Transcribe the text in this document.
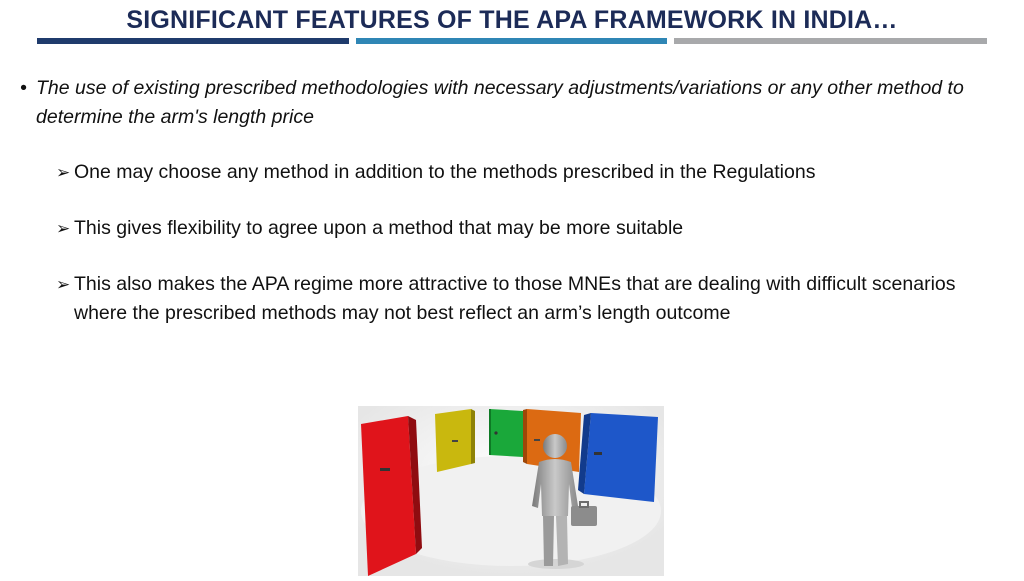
SIGNIFICANT FEATURES OF THE APA FRAMEWORK IN INDIA…
• The use of existing prescribed methodologies with necessary adjustments/variations or any other method to determine the arm's length price
➢ One may choose any method in addition to the methods prescribed in the Regulations
➢ This gives flexibility to agree upon a method that may be more suitable
➢ This also makes the APA regime more attractive to those MNEs that are dealing with difficult scenarios where the prescribed methods may not best reflect an arm’s length outcome
